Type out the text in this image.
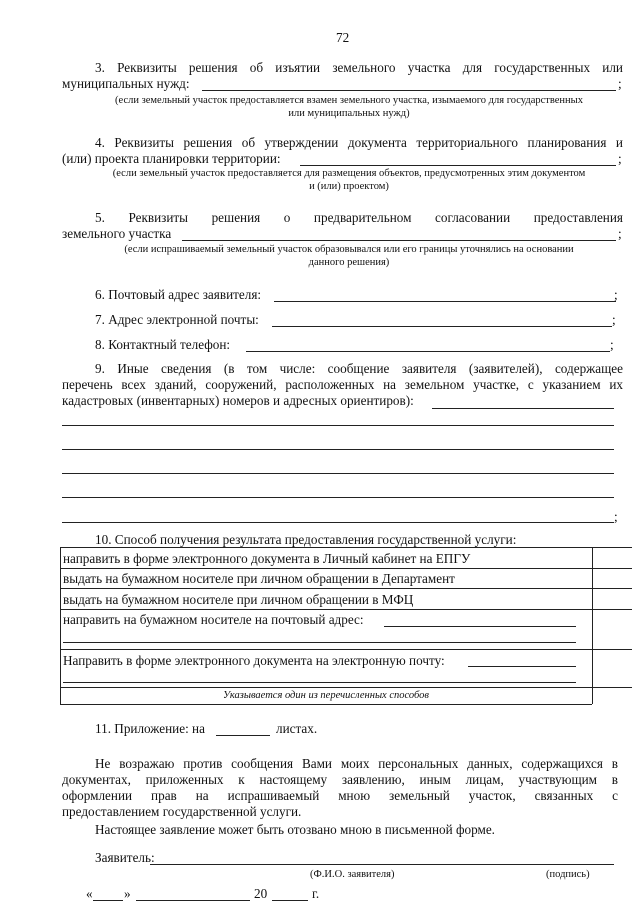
72
3. Реквизиты решения об изъятии земельного участка для государственных или
муниципальных нужд:	;
(если земельный участок предоставляется взамен земельного участка, изымаемого для государственных
или муниципальных нужд)
4. Реквизиты решения об утверждении документа территориального планирования и
(или) проекта планировки территории:	;
(если земельный участок предоставляется для размещения объектов, предусмотренных этим документом
и (или) проектом)
5. Реквизиты решения о предварительном согласовании предоставления
земельного участка	;
(если испрашиваемый земельный участок образовывался или его границы уточнялись на основании
данного решения)
6. Почтовый адрес заявителя:	;
7. Адрес электронной почты:	;
8. Контактный телефон:	;
9. Иные сведения (в том числе: сообщение заявителя (заявителей), содержащее
перечень всех зданий, сооружений, расположенных на земельном участке, с указанием их
кадастровых (инвентарных) номеров и адресных ориентиров):
;
10. Способ получения результата предоставления государственной услуги:
направить в форме электронного документа в Личный кабинет на ЕПГУ
выдать на бумажном носителе при личном обращении в Департамент
выдать на бумажном носителе при личном обращении в МФЦ
направить на бумажном носителе на почтовый адрес:
Направить в форме электронного документа на электронную почту:
Указывается один из перечисленных способов
11. Приложение: на	листах.
Не возражаю против сообщения Вами моих персональных данных, содержащихся в
документах, приложенных к настоящему заявлению, иным лицам, участвующим в
оформлении прав на испрашиваемый мною земельный участок, связанных с
предоставлением государственной услуги.
Настоящее заявление может быть отозвано мною в письменной форме.
Заявитель:
(Ф.И.О. заявителя)	(подпись)
« »	20	г.
